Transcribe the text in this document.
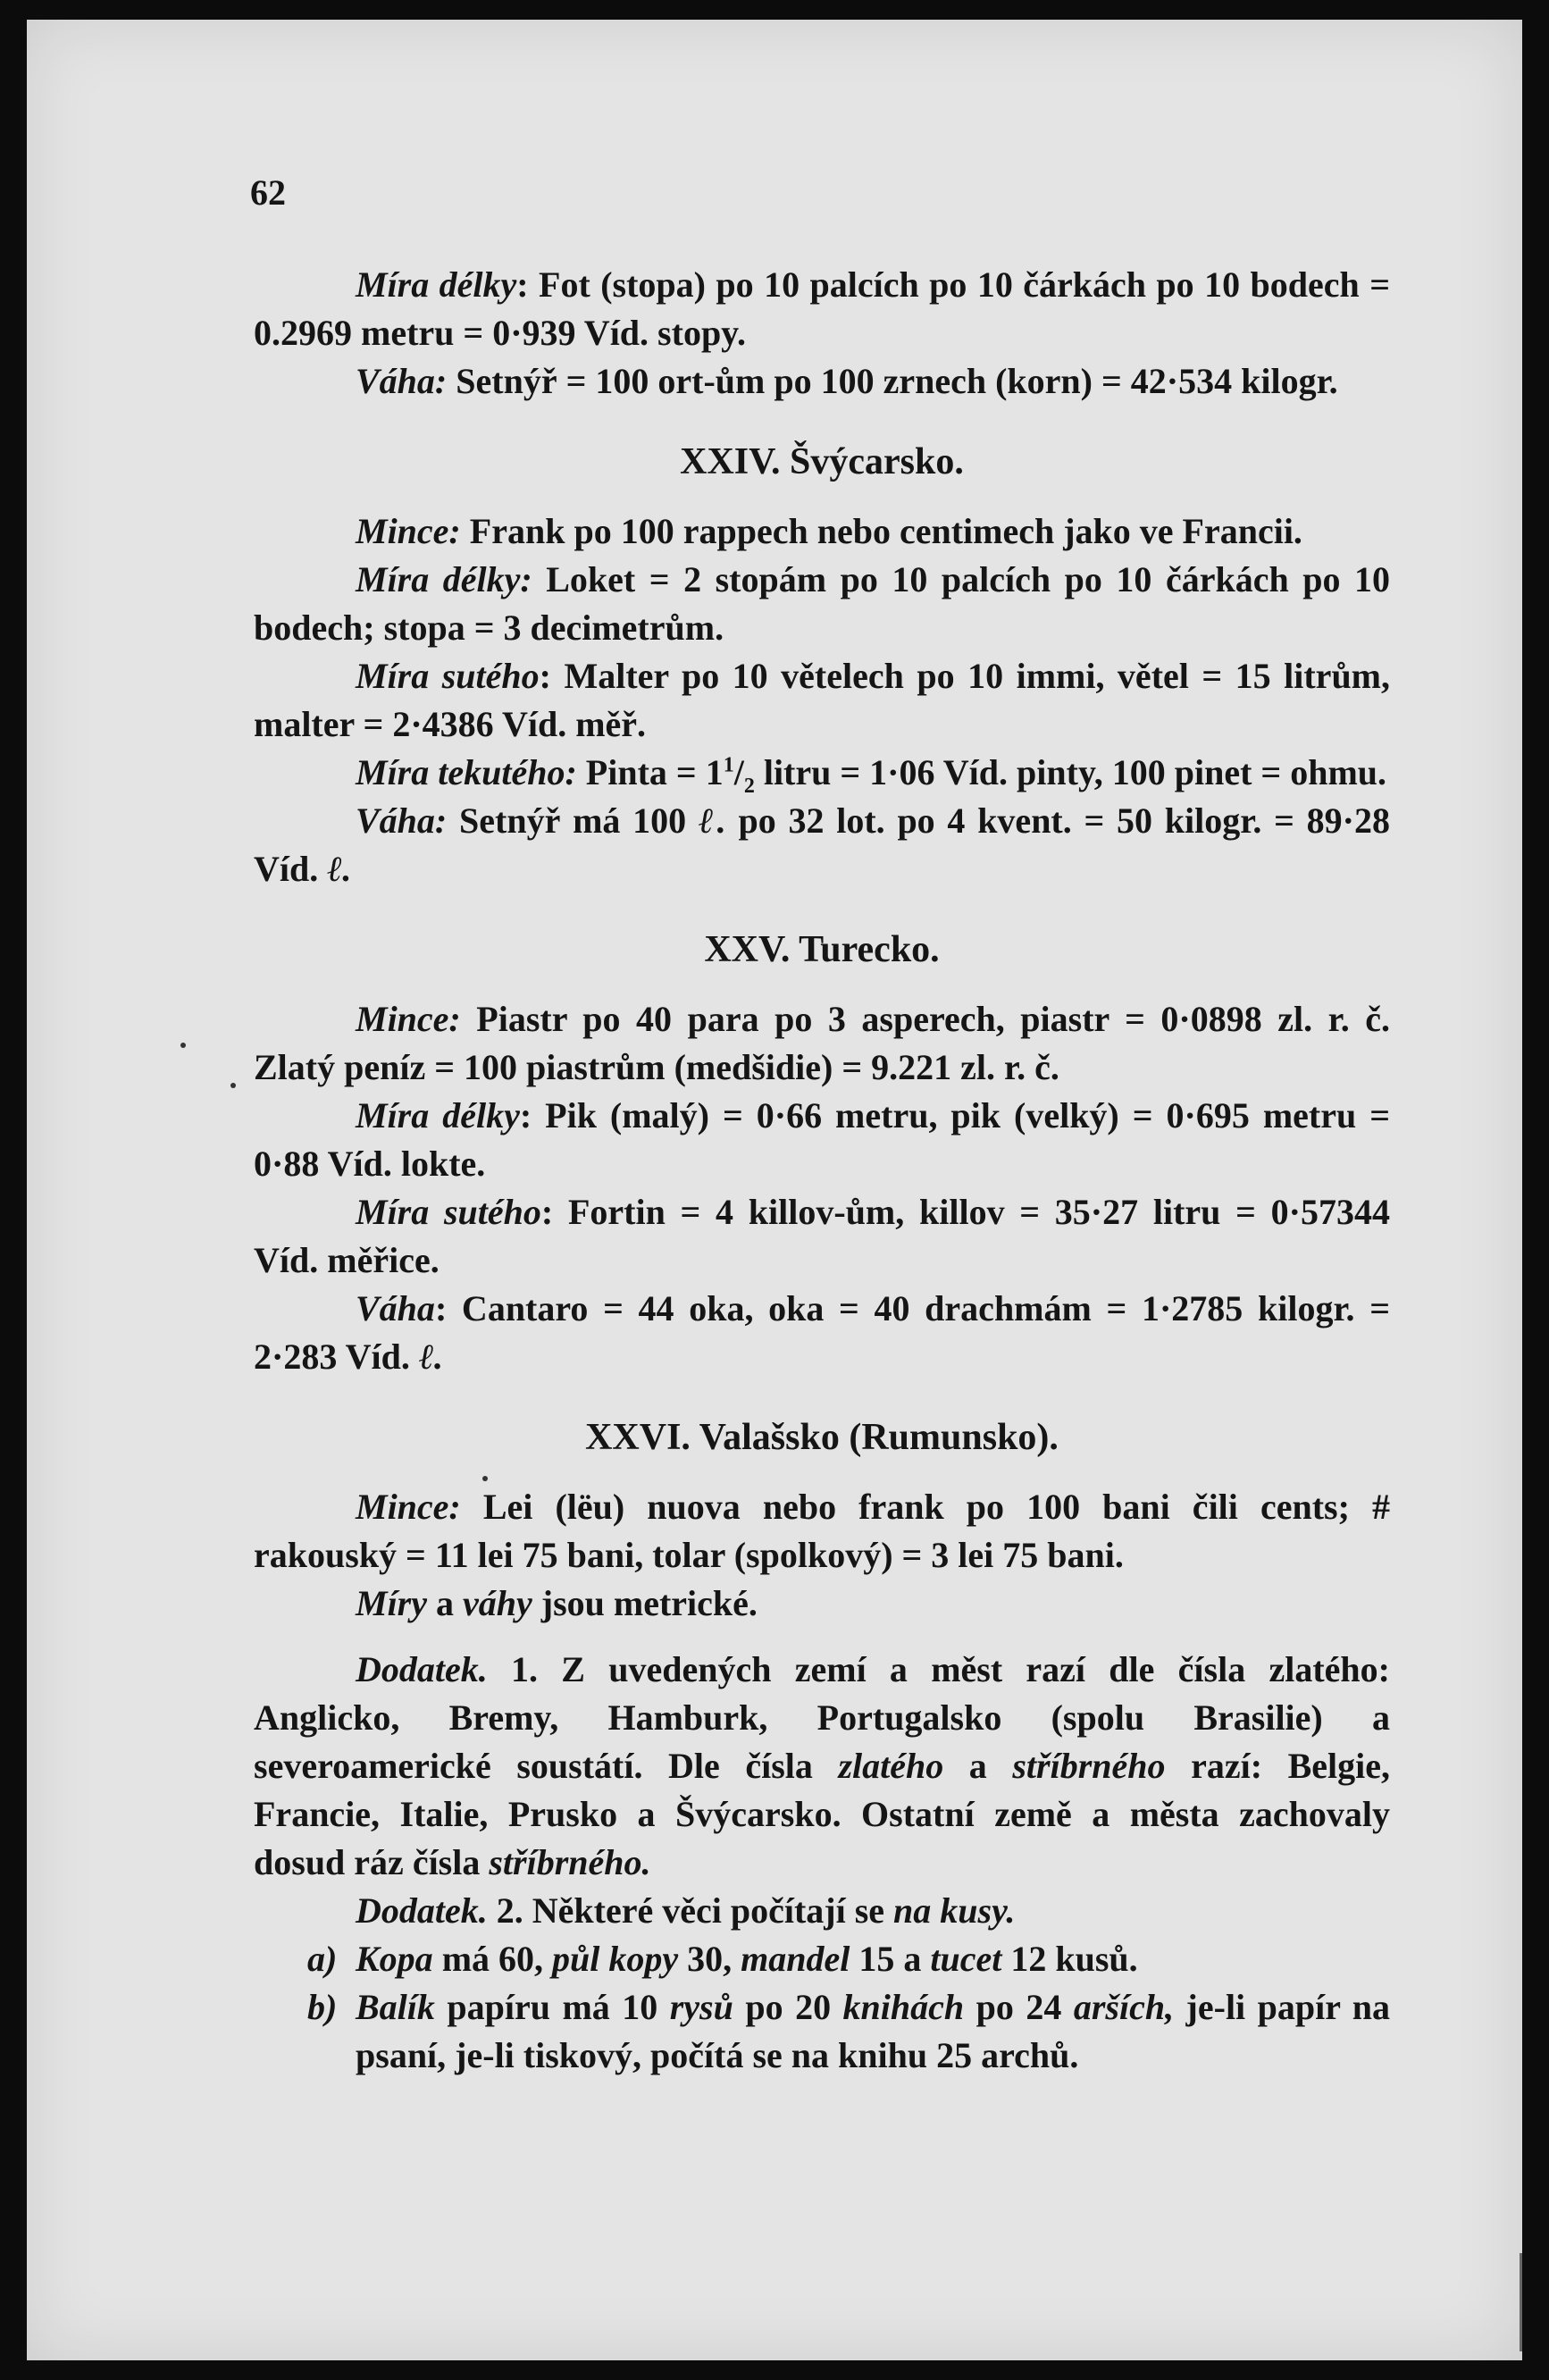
62

Míra délky: Fot (stopa) po 10 palcích po 10 čárkách po 10 bodech = 0.2969 metru = 0·939 Víd. stopy.

Váha: Setnýř = 100 ort-ům po 100 zrnech (korn) = 42·534 kilogr.

XXIV. Švýcarsko.

Mince: Frank po 100 rappech nebo centimech jako ve Francii.

Míra délky: Loket = 2 stopám po 10 palcích po 10 čárkách po 10 bodech; stopa = 3 decimetrům.

Míra sutého: Malter po 10 větelech po 10 immi, větel = 15 litrům, malter = 2·4386 Víd. měř.

Míra tekutého: Pinta = $1^1/_2$ litru = 1·06 Víd. pinty, 100 pinet = ohmu.

Váha: Setnýř má 100 ℓ. po 32 lot. po 4 kvent. = 50 kilogr. = 89·28 Víd. ℓ.

XXV. Turecko.

Mince: Piastr po 40 para po 3 asperech, piastr = 0·0898 zl. r. č. Zlatý peníz = 100 piastrům (medšidie) = 9.221 zl. r. č.

Míra délky: Pik (malý) = 0·66 metru, pik (velký) = 0·695 metru = 0·88 Víd. lokte.

Míra sutého: Fortin = 4 killov-ům, killov = 35·27 litru = 0·57344 Víd. měřice.

Váha: Cantaro = 44 oka, oka = 40 drachmám = 1·2785 kilogr. = 2·283 Víd. ℓ.

XXVI. Valašsko (Rumunsko).

Mince: Lei (lëu) nuova nebo frank po 100 bani čili cents; # rakouský = 11 lei 75 bani, tolar (spolkový) = 3 lei 75 bani.

Míry a váhy jsou metrické.

Dodatek. 1. Z uvedených zemí a měst razí dle čísla zlatého: Anglicko, Bremy, Hamburk, Portugalsko (spolu Brasilie) a severoamerické soustátí. Dle čísla zlatého a stříbrného razí: Belgie, Francie, Italie, Prusko a Švýcarsko. Ostatní země a města zachovaly dosud ráz čísla stříbrného.

Dodatek. 2. Některé věci počítají se na kusy.

a) Kopa má 60, půl kopy 30, mandel 15 a tucet 12 kusů.

b) Balík papíru má 10 rysů po 20 knihách po 24 arších, je-li papír na psaní, je-li tiskový, počítá se na knihu 25 archů.
